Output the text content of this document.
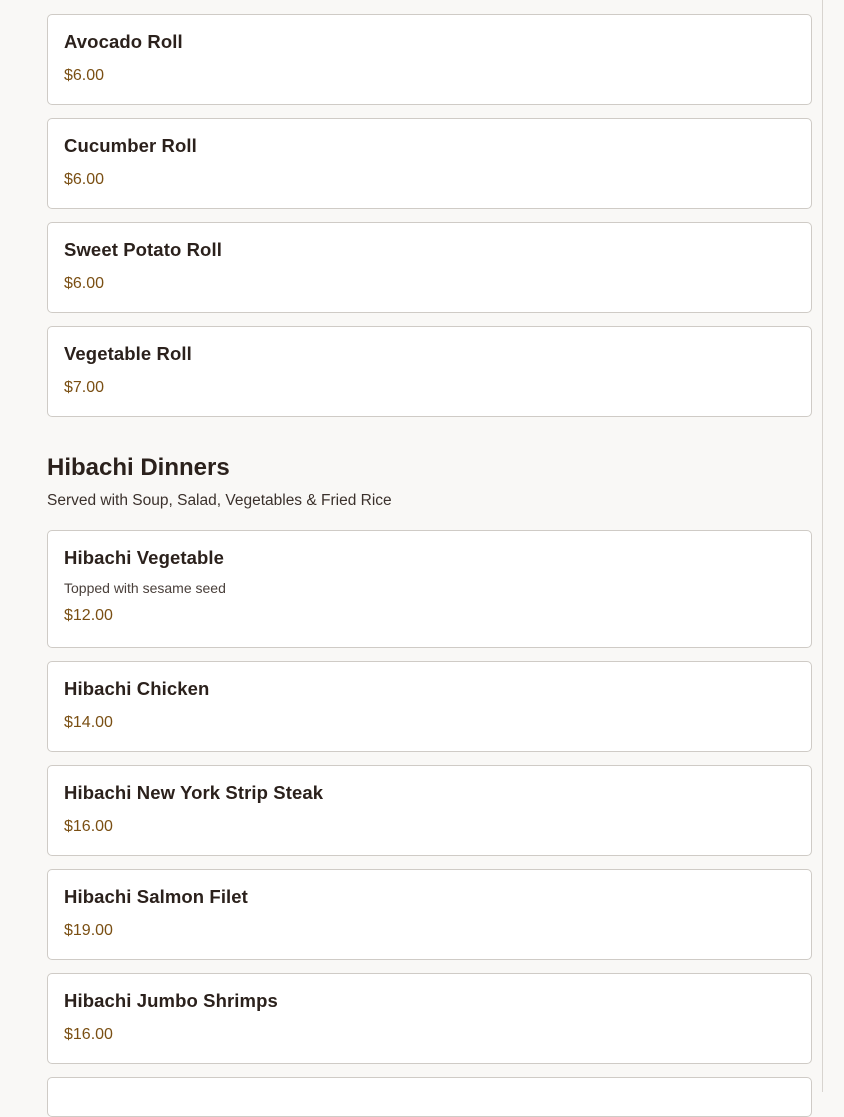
Avocado Roll
$6.00
Cucumber Roll
$6.00
Sweet Potato Roll
$6.00
Vegetable Roll
$7.00
Hibachi Dinners
Served with Soup, Salad, Vegetables & Fried Rice
Hibachi Vegetable
Topped with sesame seed
$12.00
Hibachi Chicken
$14.00
Hibachi New York Strip Steak
$16.00
Hibachi Salmon Filet
$19.00
Hibachi Jumbo Shrimps
$16.00
